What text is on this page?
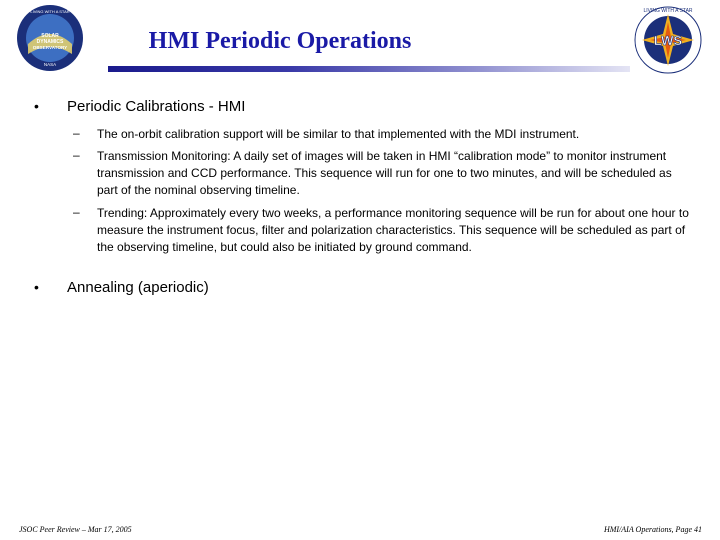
SOLAR
DYNAMICS
OBSERVATORY
NASA
LIVING WITH A STAR
HMI Periodic Operations	LWS
LIVING WITH A STAR
• Periodic Calibrations - HMI
– The on-orbit calibration support will be similar to that implemented with the MDI instrument.
– Transmission Monitoring: A daily set of images will be taken in HMI “calibration mode” to monitor instrument transmission and CCD performance. This sequence will run for one to two minutes, and will be scheduled as part of the nominal observing timeline.
– Trending: Approximately every two weeks, a performance monitoring sequence will be run for about one hour to measure the instrument focus, filter and polarization characteristics. This sequence will be scheduled as part of the observing timeline, but could also be initiated by ground command.
• Annealing (aperiodic)
JSOC Peer Review – Mar 17, 2005	HMI/AIA Operations, Page 41
